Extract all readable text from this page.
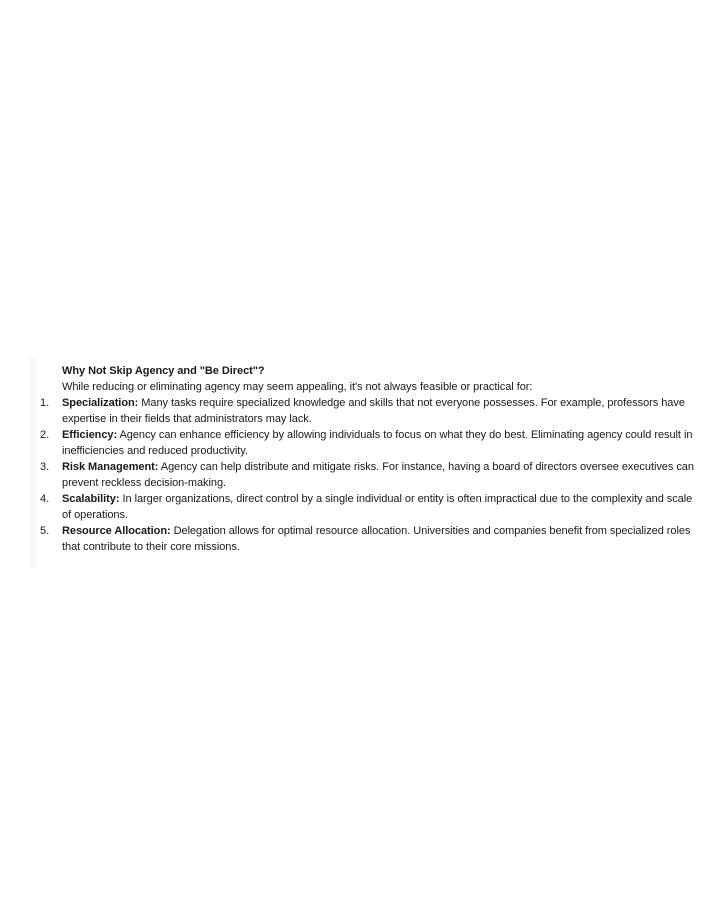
Why Not Skip Agency and "Be Direct"?

While reducing or eliminating agency may seem appealing, it's not always feasible or practical for:

1. Specialization: Many tasks require specialized knowledge and skills that not everyone possesses. For example, professors have expertise in their fields that administrators may lack.
2. Efficiency: Agency can enhance efficiency by allowing individuals to focus on what they do best. Eliminating agency could result in inefficiencies and reduced productivity.
3. Risk Management: Agency can help distribute and mitigate risks. For instance, having a board of directors oversee executives can prevent reckless decision-making.
4. Scalability: In larger organizations, direct control by a single individual or entity is often impractical due to the complexity and scale of operations.
5. Resource Allocation: Delegation allows for optimal resource allocation. Universities and companies benefit from specialized roles that contribute to their core missions.
